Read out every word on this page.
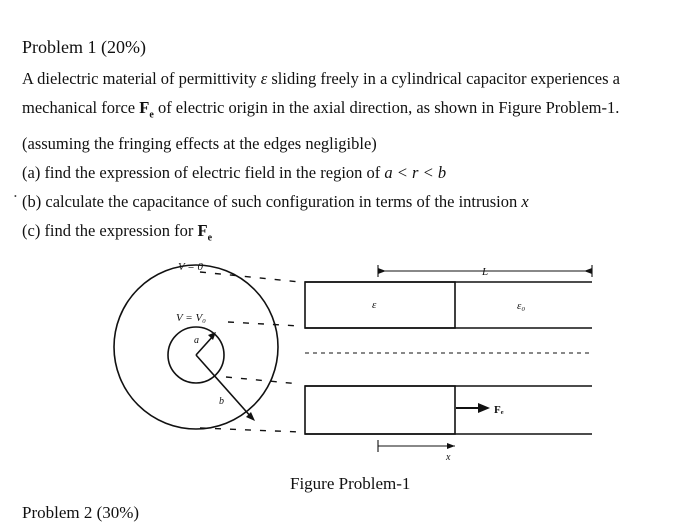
Problem 1 (20%)
A dielectric material of permittivity ε sliding freely in a cylindrical capacitor experiences a
mechanical force $F_e$ of electric origin in the axial direction, as shown in Figure Problem-1.
(assuming the fringing effects at the edges negligible)
(a) find the expression of electric field in the region of a < r < b
(b) calculate the capacitance of such configuration in terms of the intrusion x
(c) find the expression for $F_e$
•
V = 0
V = V₀
a
b
ε	ε₀
L
x
Fₑ
Figure Problem-1
Problem 2 (30%)
